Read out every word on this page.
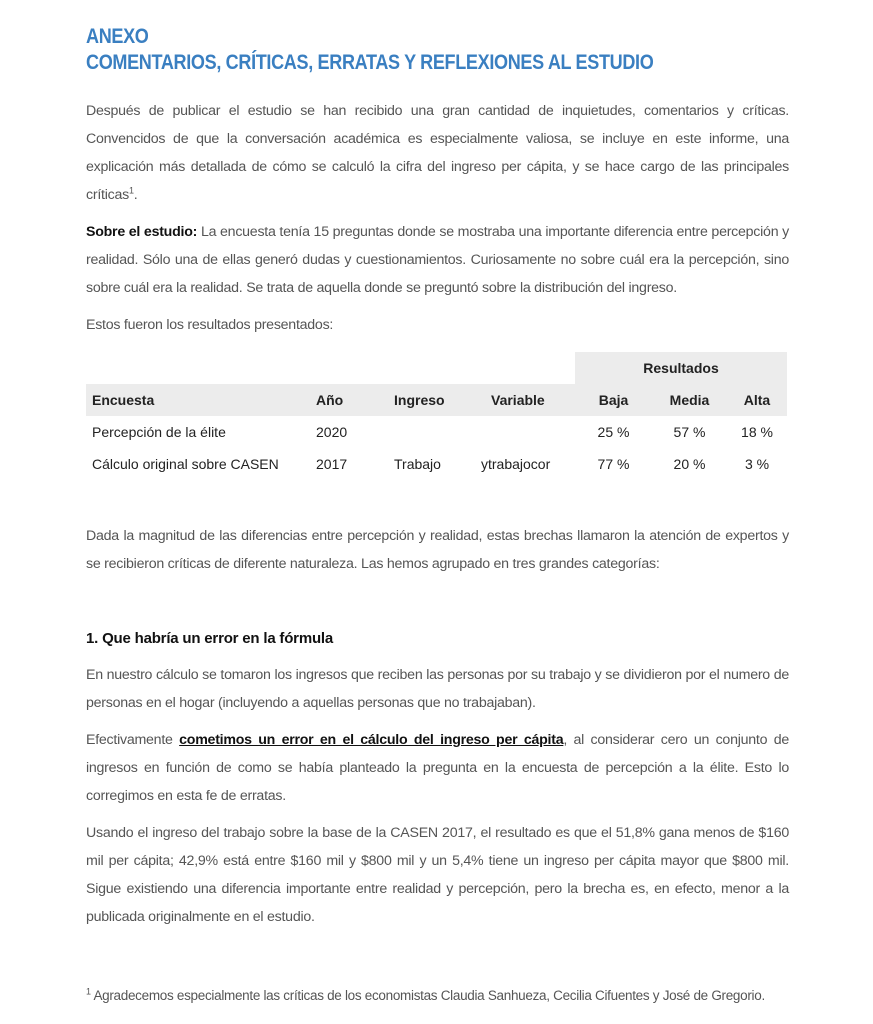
ANEXO
COMENTARIOS, CRÍTICAS, ERRATAS Y REFLEXIONES AL ESTUDIO

Después de publicar el estudio se han recibido una gran cantidad de inquietudes, comentarios y críticas. Convencidos de que la conversación académica es especialmente valiosa, se incluye en este informe, una explicación más detallada de cómo se calculó la cifra del ingreso per cápita, y se hace cargo de las principales críticas$^1$.

Sobre el estudio: La encuesta tenía 15 preguntas donde se mostraba una importante diferencia entre percepción y realidad. Sólo una de ellas generó dudas y cuestionamientos. Curiosamente no sobre cuál era la percepción, sino sobre cuál era la realidad. Se trata de aquella donde se preguntó sobre la distribución del ingreso.

Estos fueron los resultados presentados:

				Resultados		
Encuesta	Año	Ingreso	Variable	Baja	Media	Alta
Percepción de la élite	2020			25 %	57 %	18 %
Cálculo original sobre CASEN	2017	Trabajo	ytrabajocor	77 %	20 %	3 %

Dada la magnitud de las diferencias entre percepción y realidad, estas brechas llamaron la atención de expertos y se recibieron críticas de diferente naturaleza. Las hemos agrupado en tres grandes categorías:

1. Que habría un error en la fórmula

En nuestro cálculo se tomaron los ingresos que reciben las personas por su trabajo y se dividieron por el numero de personas en el hogar (incluyendo a aquellas personas que no trabajaban).

Efectivamente cometimos un error en el cálculo del ingreso per cápita, al considerar cero un conjunto de ingresos en función de como se había planteado la pregunta en la encuesta de percepción a la élite. Esto lo corregimos en esta fe de erratas.

Usando el ingreso del trabajo sobre la base de la CASEN 2017, el resultado es que el 51,8% gana menos de $160 mil per cápita; 42,9% está entre $160 mil y $800 mil y un 5,4% tiene un ingreso per cápita mayor que $800 mil. Sigue existiendo una diferencia importante entre realidad y percepción, pero la brecha es, en efecto, menor a la publicada originalmente en el estudio.

$^1$ Agradecemos especialmente las críticas de los economistas Claudia Sanhueza, Cecilia Cifuentes y José de Gregorio.
